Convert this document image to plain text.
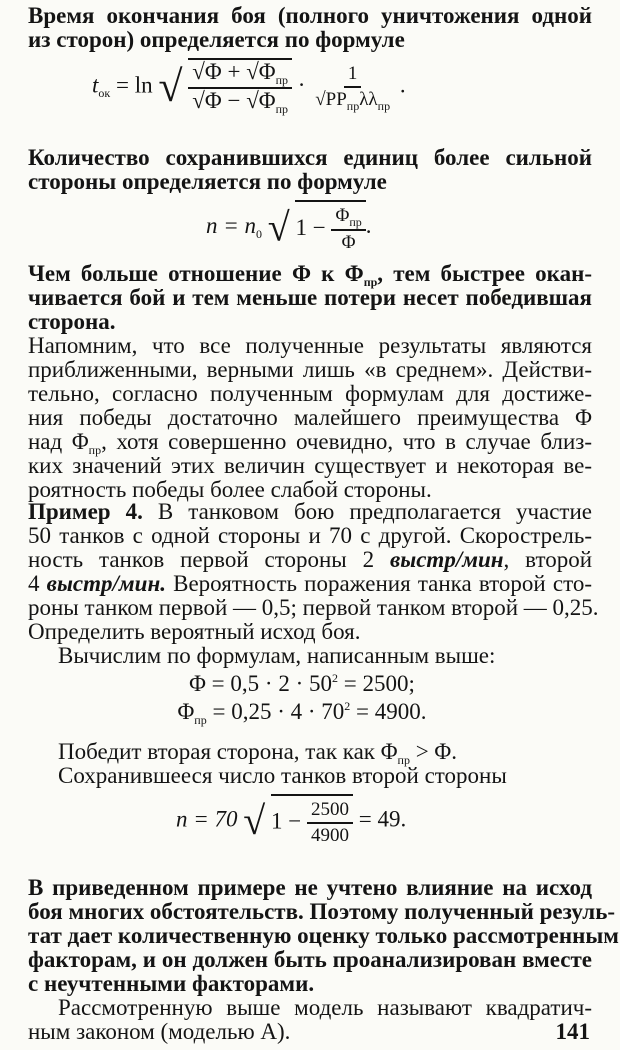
Время окончания боя (полного уничтожения одной
из сторон) определяется по формуле
$t_{ок} = \ln$ √ $\frac{√\Phi + √\Phi_{пр}}{√\Phi - √\Phi_{пр}} \cdot \frac{1}{√PP_{пр}\lambda\lambda_{пр}}$ .
Количество сохранившихся единиц более сильной
стороны определяется по формуле
$n = n_0$ √ $1 - \frac{\Phi_{пр}}{\Phi}$ .
Чем больше отношение Φ к $\Phi_{пр}$, тем быстрее окан-
чивается бой и тем меньше потери несет победившая
сторона.
Напомним, что все полученные результаты являются
приближенными, верными лишь «в среднем». Действи-
тельно, согласно полученным формулам для достиже-
ния победы достаточно малейшего преимущества Φ
над $\Phi_{пр}$, хотя совершенно очевидно, что в случае близ-
ких значений этих величин существует и некоторая ве-
роятность победы более слабой стороны.
Пример 4. В танковом бою предполагается участие
50 танков с одной стороны и 70 с другой. Скорострель-
ность танков первой стороны 2 выстр/мин, второй
4 выстр/мин. Вероятность поражения танка второй сто-
роны танком первой — 0,5; первой танком второй — 0,25.
Определить вероятный исход боя.
Вычислим по формулам, написанным выше:
$\Phi = 0,5 \cdot 2 \cdot 50^2 = 2500$;
$\Phi_{пр} = 0,25 \cdot 4 \cdot 70^2 = 4900$.
Победит вторая сторона, так как $\Phi_{пр} > \Phi$.
Сохранившееся число танков второй стороны
n = 70 √ $1 - \frac{2500}{4900} = 49$.
В приведенном примере не учтено влияние на исход
боя многих обстоятельств. Поэтому полученный резуль-
тат дает количественную оценку только рассмотренным
факторам, и он должен быть проанализирован вместе
с неучтенными факторами.
Рассмотренную выше модель называют квадратич-
ным законом (моделью А).	141
